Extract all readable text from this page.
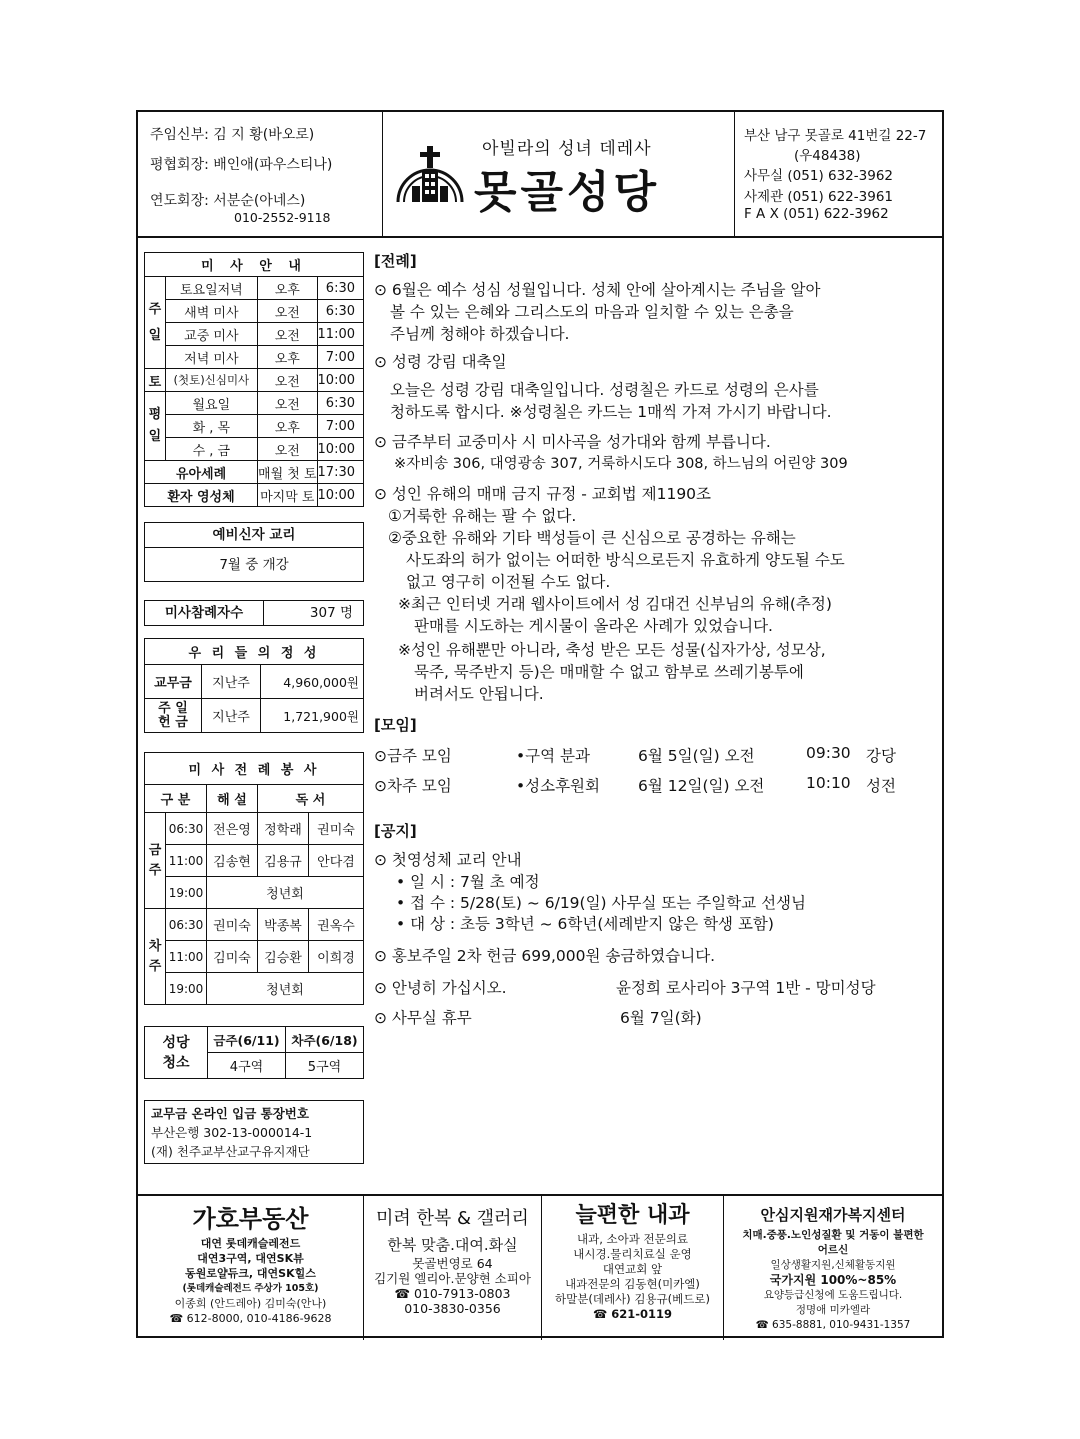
주임신부: 김 지 황(바오로)
평협회장: 배인애(파우스티나)
연도회장: 서분순(아네스)
010-2552-9118
아빌라의 성녀 데레사
못골성당
부산 남구 못골로 41번길 22-7
(우48438)
사무실 (051) 632-3962
사제관 (051) 622-3961
F A X (051) 622-3962
미 사 안 내			
주일	토요일저녁	오후	6:30
	새벽 미사	오전	6:30
	교중 미사	오전	11:00
	저녁 미사	오후	7:00
토	(첫토)신심미사	오전	10:00
평일	월요일	오전	6:30
	화 , 목	오후	7:00
	수 , 금	오전	10:00
유아세례		매월 첫 토	17:30
환자 영성체		마지막 토	10:00
예비신자 교리
7월 중 개강
미사참례자수	307 명
우 리 들 의 정 성		
교무금	지난주	4,960,000원
주 일
헌 금	지난주	1,721,900원
미 사 전 례 봉 사				
구 분		해 설	독 서	
금주	06:30	전은영	정학래	권미숙
	11:00	김송현	김용규	안다겸
	19:00	청년회		
차주	06:30	권미숙	박종복	권옥수
	11:00	김미숙	김승환	이희경
	19:00	청년회		
성당
청소	금주(6/11)	차주(6/18)
	4구역	5구역
교무금 온라인 입금 통장번호
부산은행 302-13-000014-1
(재) 천주교부산교구유지재단
[전례]
⊙ 6월은 예수 성심 성월입니다. 성체 안에 살아계시는 주님을 알아
볼 수 있는 은혜와 그리스도의 마음과 일치할 수 있는 은총을
주님께 청해야 하겠습니다.
⊙ 성령 강림 대축일
오늘은 성령 강림 대축일입니다. 성령칠은 카드로 성령의 은사를
청하도록 합시다. ※성령칠은 카드는 1매씩 가져 가시기 바랍니다.
⊙ 금주부터 교중미사 시 미사곡을 성가대와 함께 부릅니다.
※자비송 306, 대영광송 307, 거룩하시도다 308, 하느님의 어린양 309
⊙ 성인 유해의 매매 금지 규정 - 교회법 제1190조
①거룩한 유해는 팔 수 없다.
②중요한 유해와 기타 백성들이 큰 신심으로 공경하는 유해는
사도좌의 허가 없이는 어떠한 방식으로든지 유효하게 양도될 수도
없고 영구히 이전될 수도 없다.
※최근 인터넷 거래 웹사이트에서 성 김대건 신부님의 유해(추정)
판매를 시도하는 게시물이 올라온 사례가 있었습니다.
※성인 유해뿐만 아니라, 축성 받은 모든 성물(십자가상, 성모상,
묵주, 묵주반지 등)은 매매할 수 없고 함부로 쓰레기봉투에
버려서도 안됩니다.
[모임]
⊙금주 모임	•구역 분과	6월 5일(일) 오전	09:30 강당
⊙차주 모임	•성소후원회 6월 12일(일) 오전	10:10 성전
[공지]
⊙ 첫영성체 교리 안내
• 일 시 : 7월 초 예정
• 접 수 : 5/28(토) ~ 6/19(일) 사무실 또는 주일학교 선생님
• 대 상 : 초등 3학년 ~ 6학년(세례받지 않은 학생 포함)
⊙ 홍보주일 2차 헌금 699,000원 송금하였습니다.
⊙ 안녕히 가십시오.	윤정희 로사리아 3구역 1반 - 망미성당
⊙ 사무실 휴무	6월 7일(화)
가호부동산
대연 롯데캐슬레전드
대연3구역, 대연SK뷰
동원로얄듀크, 대연SK힐스
(롯데캐슬레전드 주상가 105호)
이종희 (안드레아) 김미숙(안나)
☎ 612-8000, 010-4186-9628
미려 한복 & 갤러리
한복 맞춤.대여.화실
못골번영로 64
김기원 엘리아.문양현 소피아
☎ 010-7913-0803
010-3830-0356
늘편한 내과
내과, 소아과 전문의료
내시경.물리치료실 운영
대연교회 앞
내과전문의 김동현(미카엘)
하말분(데레사) 김용규(베드로)
☎ 621-0119
안심지원재가복지센터
치매.중풍.노인성질환 및 거동이 불편한
어르신
일상생활지원,신체활동지원
국가지원 100%~85%
요양등급신청에 도움드립니다.
정명애 미카엘라
☎ 635-8881, 010-9431-1357
